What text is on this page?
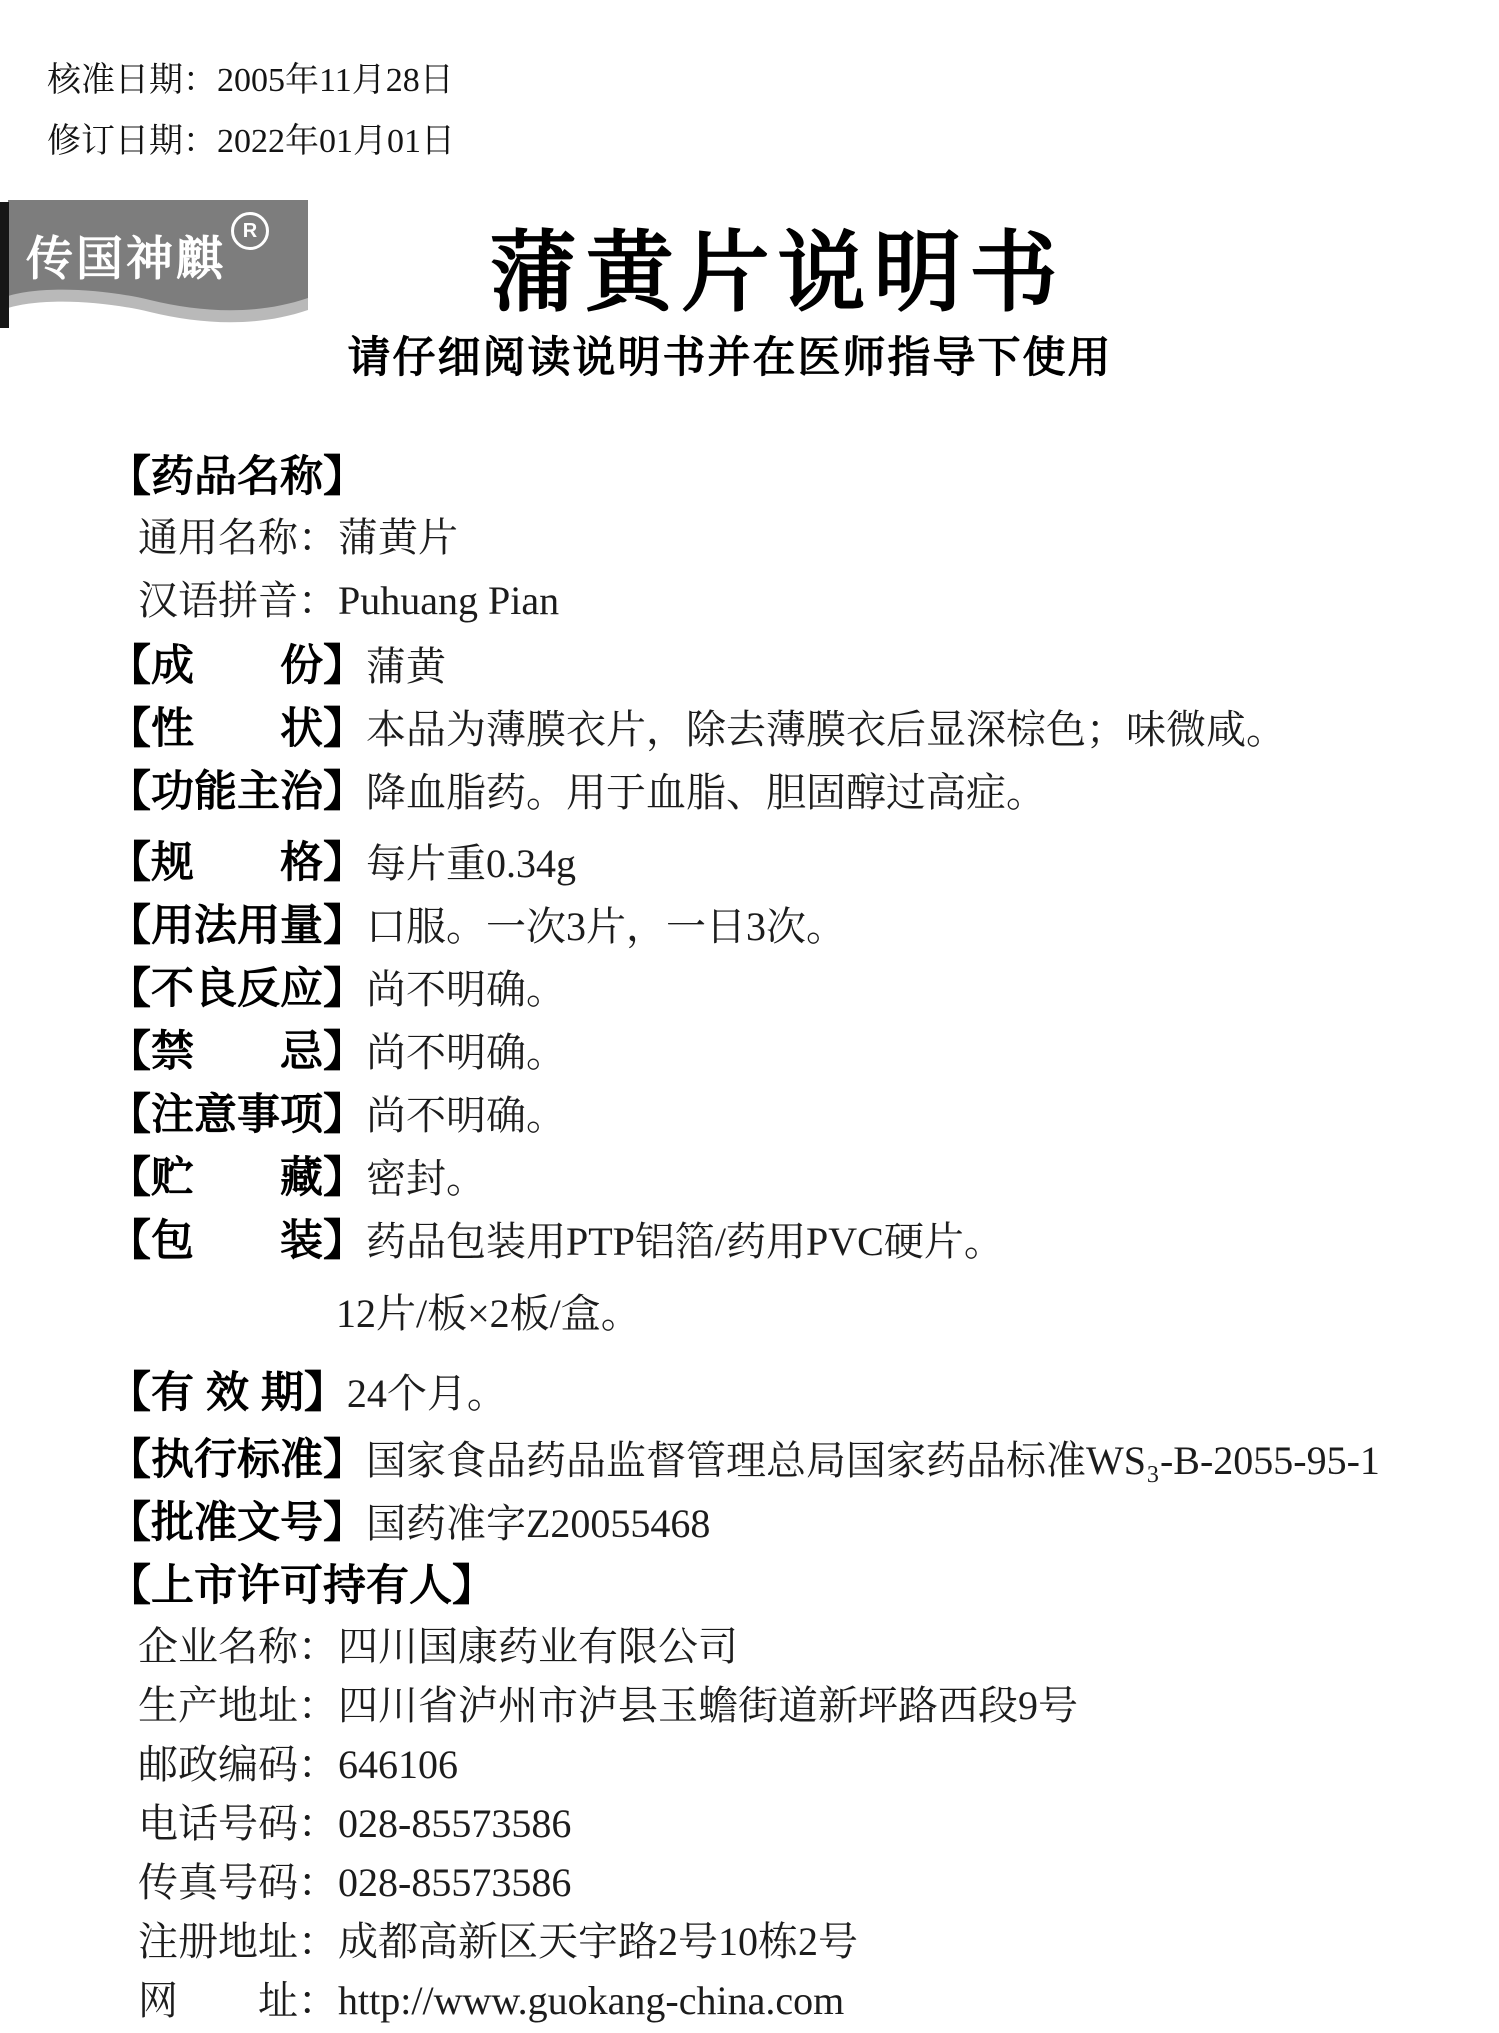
核准日期：2005年11月28日
修订日期：2022年01月01日
传国神麒
R	蒲黄片说明书
请仔细阅读说明书并在医师指导下使用
【药品名称】
通用名称： 蒲黄片
汉语拼音： Puhuang Pian
【成　　份】 蒲黄
【性　　状】 本品为薄膜衣片，除去薄膜衣后显深棕色；味微咸。
【功能主治】 降血脂药。用于血脂、胆固醇过高症。
【规　　格】 每片重0.34g
【用法用量】 口服。一次3片，一日3次。
【不良反应】 尚不明确。
【禁　　忌】 尚不明确。
【注意事项】 尚不明确。
【贮　　藏】 密封。
【包　　装】 药品包装用PTP铝箔/药用PVC硬片。
12片/板×2板/盒。
【有 效 期】 24个月。
【执行标准】 国家食品药品监督管理总局国家药品标准WS₃-B-2055-95-1
【批准文号】 国药准字Z20055468
【上市许可持有人】
企业名称： 四川国康药业有限公司
生产地址： 四川省泸州市泸县玉蟾街道新坪路西段9号
邮政编码： 646106
电话号码： 028-85573586
传真号码： 028-85573586
注册地址： 成都高新区天宇路2号10栋2号
网　　址： http://www.guokang-china.com
